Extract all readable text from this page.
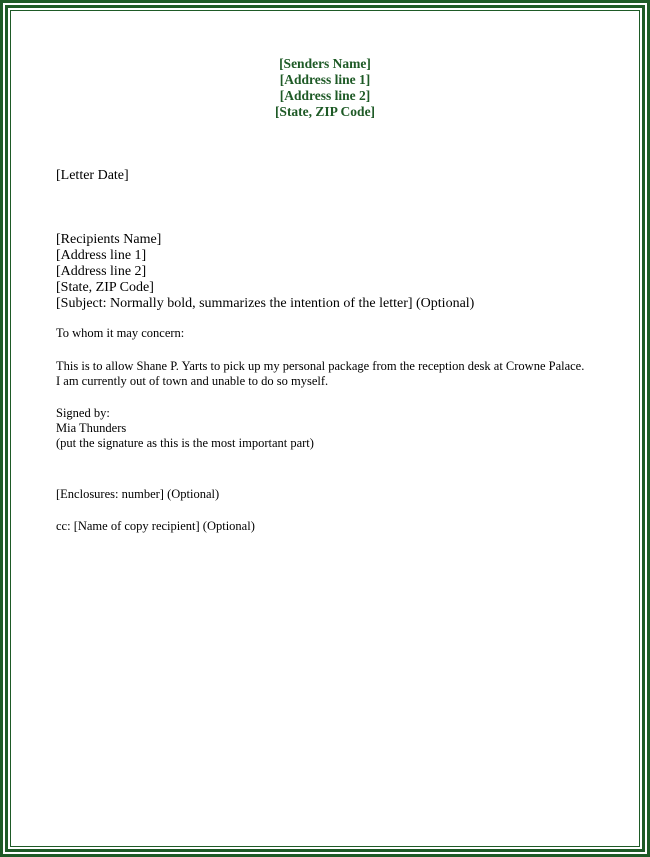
[Senders Name]
[Address line 1]
[Address line 2]
[State, ZIP Code]
[Letter Date]
[Recipients Name]
[Address line 1]
[Address line 2]
[State, ZIP Code]
[Subject: Normally bold, summarizes the intention of the letter] (Optional)
To whom it may concern:
This is to allow Shane P. Yarts to pick up my personal package from the reception desk at Crowne Palace.
I am currently out of town and unable to do so myself.
Signed by:
Mia Thunders
(put the signature as this is the most important part)
[Enclosures: number] (Optional)
cc: [Name of copy recipient] (Optional)
